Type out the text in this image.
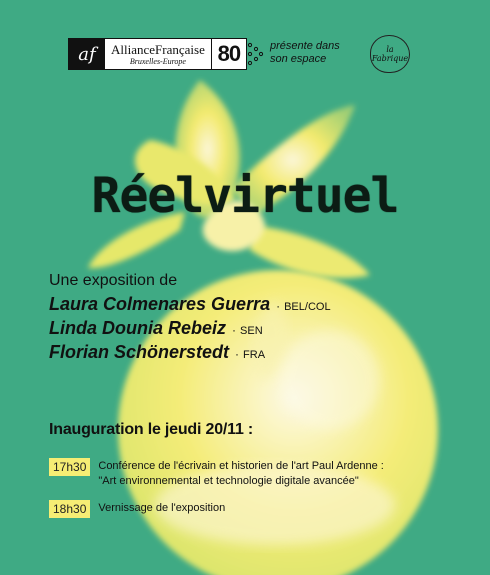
af	AllianceFrançaise
Bruxelles-Europe	80	présente dans
son espace
la
Fabrique
Réelvirtuel
Une exposition de
Laura Colmenares Guerra · BEL/COL
Linda Dounia Rebeiz · SEN
Florian Schönerstedt · FRA
Inauguration le jeudi 20/11 :
17h30	Conférence de l'écrivain et historien de l'art Paul Ardenne :
"Art environnemental et technologie digitale avancée"
18h30	Vernissage de l'exposition
